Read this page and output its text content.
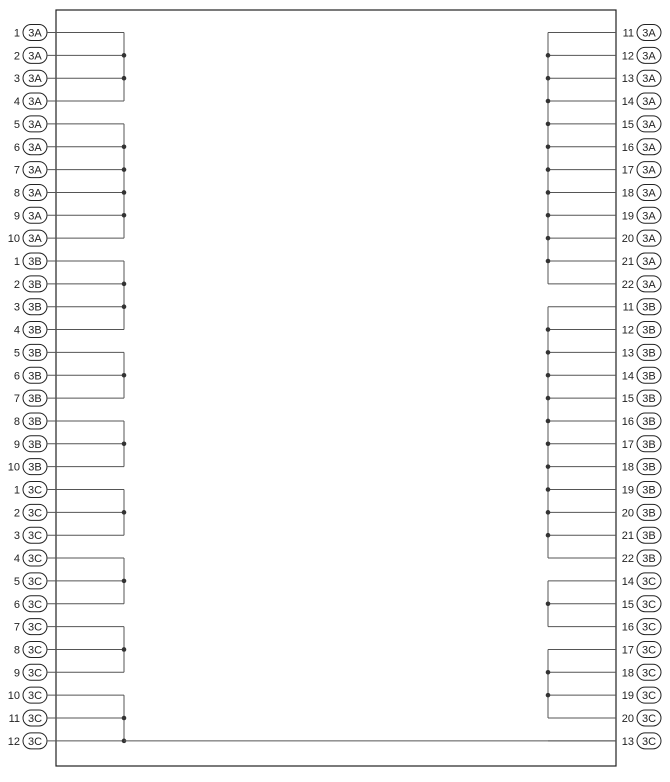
1 3A
2 3A
3 3A
4 3A
5 3A
6 3A
7 3A
8 3A
9 3A
10 3A
1 3B
2 3B
3 3B
4 3B
5 3B
6 3B
7 3B
8 3B
9 3B
10 3B
1 3C
2 3C
3 3C
4 3C
5 3C
6 3C
7 3C
8 3C
9 3C
10 3C
11 3C
12 3C
11 3A
12 3A
13 3A
14 3A
15 3A
16 3A
17 3A
18 3A
19 3A
20 3A
21 3A
22 3A
11 3B
12 3B
13 3B
14 3B
15 3B
16 3B
17 3B
18 3B
19 3B
20 3B
21 3B
22 3B
14 3C
15 3C
16 3C
17 3C
18 3C
19 3C
20 3C
13 3C
